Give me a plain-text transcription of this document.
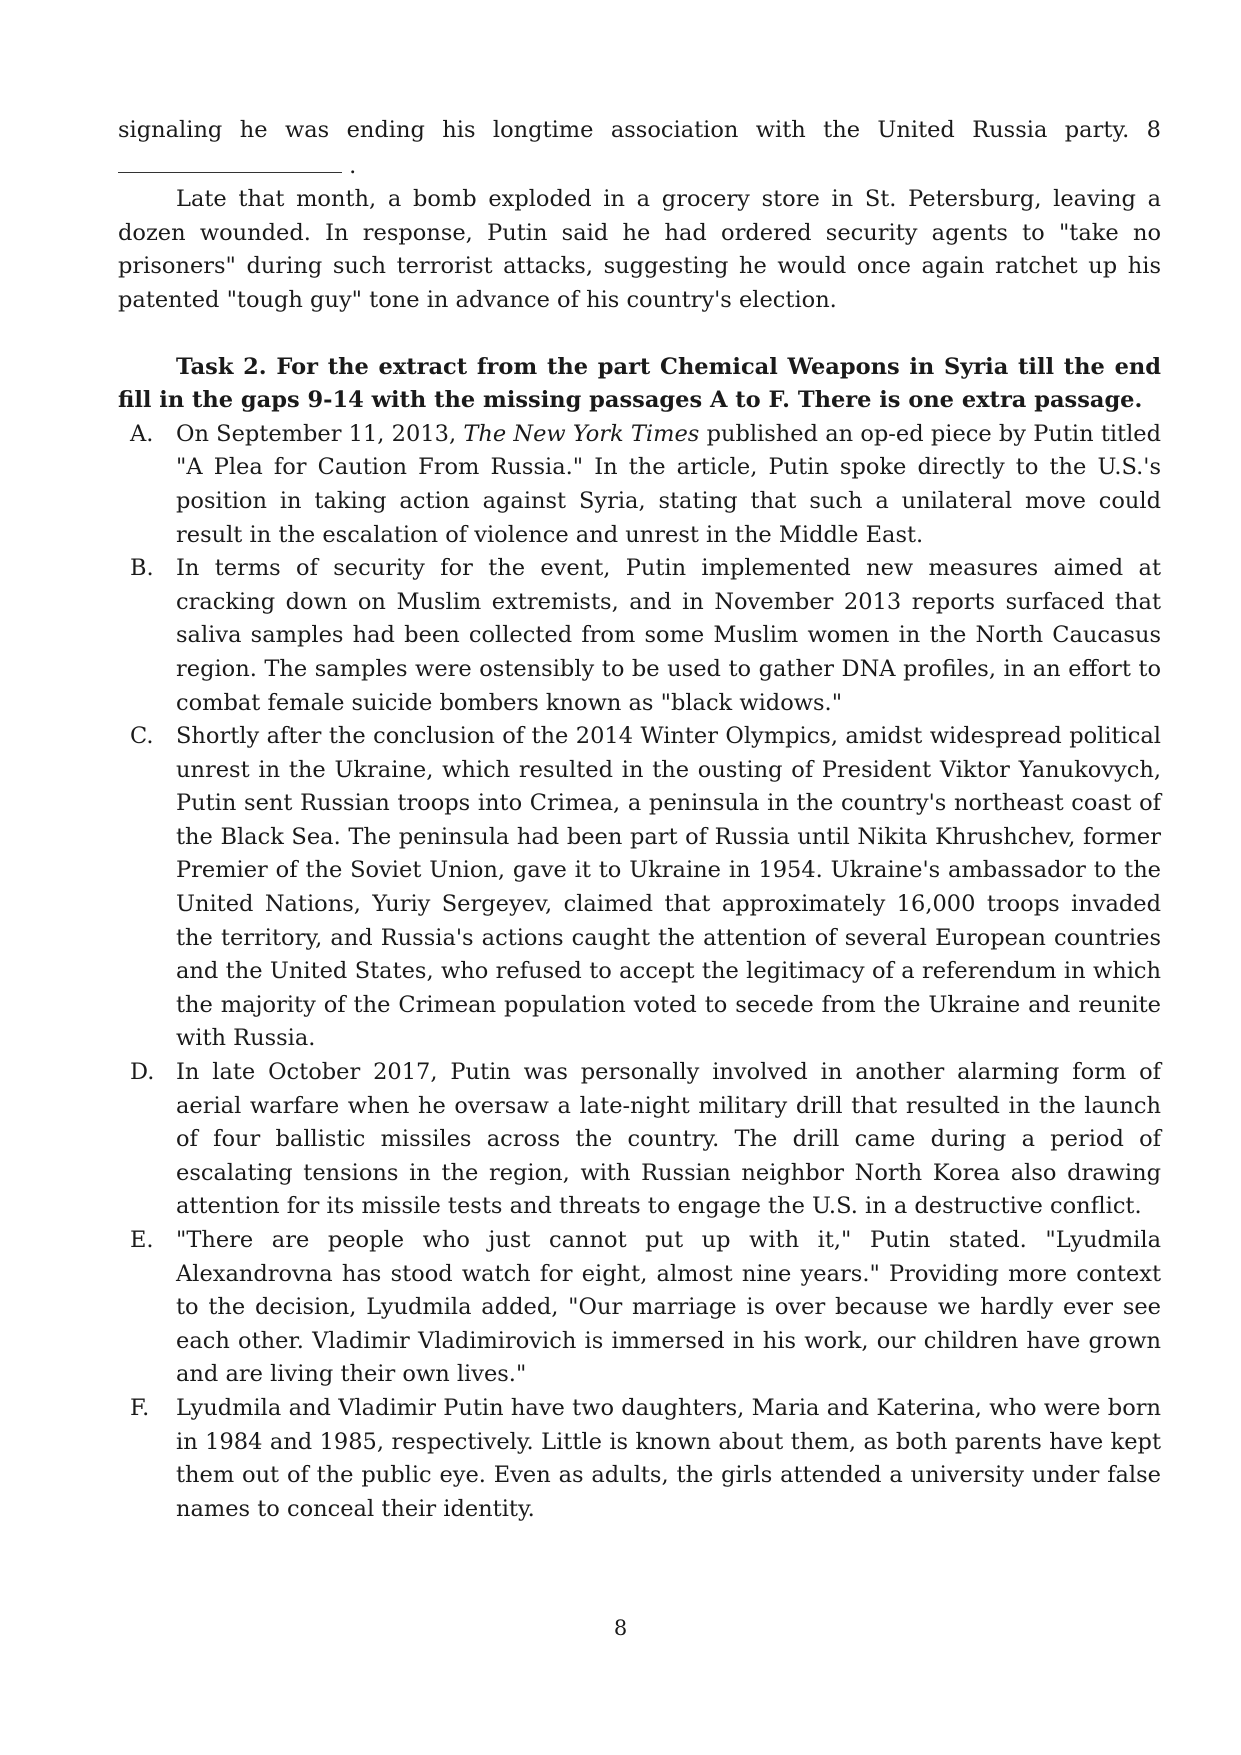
signaling he was ending his longtime association with the United Russia party. 8

.

Late that month, a bomb exploded in a grocery store in St. Petersburg, leaving a dozen wounded. In response, Putin said he had ordered security agents to "take no prisoners" during such terrorist attacks, suggesting he would once again ratchet up his patented "tough guy" tone in advance of his country's election.

Task 2. For the extract from the part Chemical Weapons in Syria till the end fill in the gaps 9-14 with the missing passages A to F. There is one extra passage.

A. On September 11, 2013, The New York Times published an op-ed piece by Putin titled "A Plea for Caution From Russia." In the article, Putin spoke directly to the U.S.'s position in taking action against Syria, stating that such a unilateral move could result in the escalation of violence and unrest in the Middle East.
B. In terms of security for the event, Putin implemented new measures aimed at cracking down on Muslim extremists, and in November 2013 reports surfaced that saliva samples had been collected from some Muslim women in the North Caucasus region. The samples were ostensibly to be used to gather DNA profiles, in an effort to combat female suicide bombers known as "black widows."
C. Shortly after the conclusion of the 2014 Winter Olympics, amidst widespread political unrest in the Ukraine, which resulted in the ousting of President Viktor Yanukovych, Putin sent Russian troops into Crimea, a peninsula in the country's northeast coast of the Black Sea. The peninsula had been part of Russia until Nikita Khrushchev, former Premier of the Soviet Union, gave it to Ukraine in 1954. Ukraine's ambassador to the United Nations, Yuriy Sergeyev, claimed that approximately 16,000 troops invaded the territory, and Russia's actions caught the attention of several European countries and the United States, who refused to accept the legitimacy of a referendum in which the majority of the Crimean population voted to secede from the Ukraine and reunite with Russia.
D. In late October 2017, Putin was personally involved in another alarming form of aerial warfare when he oversaw a late-night military drill that resulted in the launch of four ballistic missiles across the country. The drill came during a period of escalating tensions in the region, with Russian neighbor North Korea also drawing attention for its missile tests and threats to engage the U.S. in a destructive conflict.
E. "There are people who just cannot put up with it," Putin stated. "Lyudmila Alexandrovna has stood watch for eight, almost nine years." Providing more context to the decision, Lyudmila added, "Our marriage is over because we hardly ever see each other. Vladimir Vladimirovich is immersed in his work, our children have grown and are living their own lives."
F. Lyudmila and Vladimir Putin have two daughters, Maria and Katerina, who were born in 1984 and 1985, respectively. Little is known about them, as both parents have kept them out of the public eye. Even as adults, the girls attended a university under false names to conceal their identity.
8
